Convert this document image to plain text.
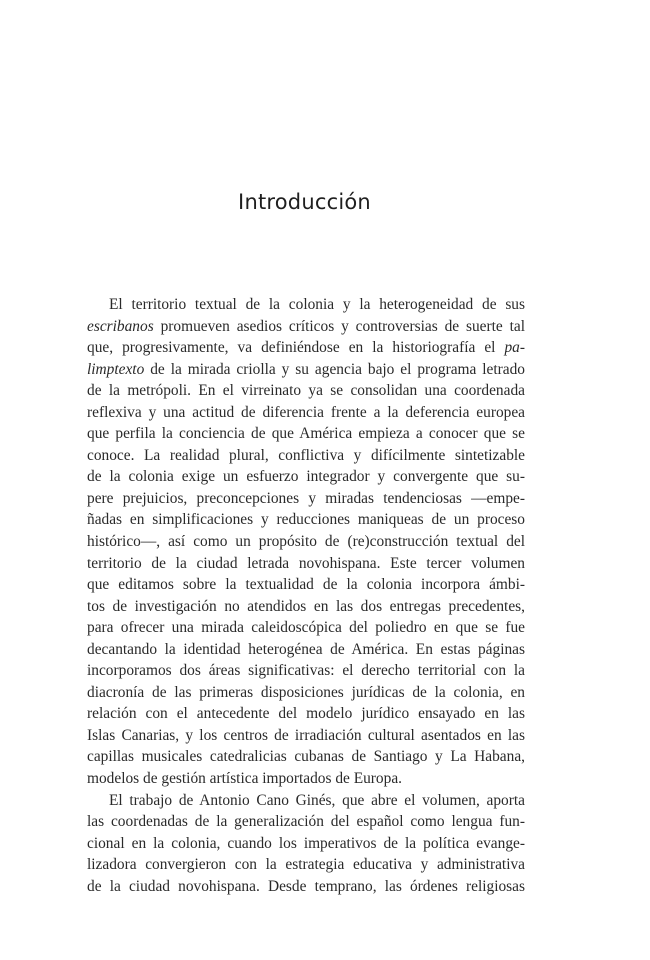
Introducción
El territorio textual de la colonia y la heterogeneidad de sus
escribanos promueven asedios críticos y controversias de suerte tal
que, progresivamente, va definiéndose en la historiografía el pa-
limptexto de la mirada criolla y su agencia bajo el programa letrado
de la metrópoli. En el virreinato ya se consolidan una coordenada
reflexiva y una actitud de diferencia frente a la deferencia europea
que perfila la conciencia de que América empieza a conocer que se
conoce. La realidad plural, conflictiva y difícilmente sintetizable
de la colonia exige un esfuerzo integrador y convergente que su-
pere prejuicios, preconcepciones y miradas tendenciosas —empe-
ñadas en simplificaciones y reducciones maniqueas de un proceso
histórico—, así como un propósito de (re)construcción textual del
territorio de la ciudad letrada novohispana. Este tercer volumen
que editamos sobre la textualidad de la colonia incorpora ámbi-
tos de investigación no atendidos en las dos entregas precedentes,
para ofrecer una mirada caleidoscópica del poliedro en que se fue
decantando la identidad heterogénea de América. En estas páginas
incorporamos dos áreas significativas: el derecho territorial con la
diacronía de las primeras disposiciones jurídicas de la colonia, en
relación con el antecedente del modelo jurídico ensayado en las
Islas Canarias, y los centros de irradiación cultural asentados en las
capillas musicales catedralicias cubanas de Santiago y La Habana,
modelos de gestión artística importados de Europa.
El trabajo de Antonio Cano Ginés, que abre el volumen, aporta
las coordenadas de la generalización del español como lengua fun-
cional en la colonia, cuando los imperativos de la política evange-
lizadora convergieron con la estrategia educativa y administrativa
de la ciudad novohispana. Desde temprano, las órdenes religiosas
